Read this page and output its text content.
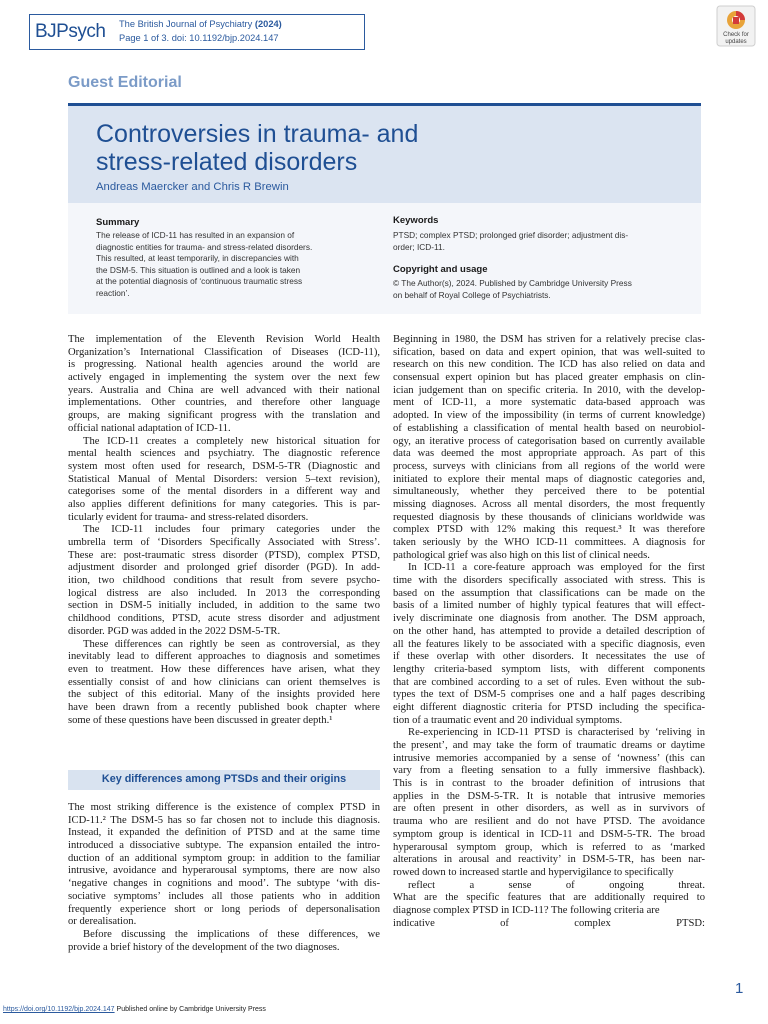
BJPsych The British Journal of Psychiatry (2024)
Page 1 of 3. doi: 10.1192/bjp.2024.147	Check for updates
Guest Editorial
Controversies in trauma- and
stress-related disorders
Andreas Maercker and Chris R Brewin
Summary
The release of ICD-11 has resulted in an expansion of
diagnostic entities for trauma- and stress-related disorders.
This resulted, at least temporarily, in discrepancies with
the DSM-5. This situation is outlined and a look is taken
at the potential diagnosis of ‘continuous traumatic stress
reaction’.
Keywords
PTSD; complex PTSD; prolonged grief disorder; adjustment dis-
order; ICD-11.
Copyright and usage
© The Author(s), 2024. Published by Cambridge University Press
on behalf of Royal College of Psychiatrists.
The implementation of the Eleventh Revision World Health
Organization’s International Classification of Diseases (ICD-11),
is progressing. National health agencies around the world are
actively engaged in implementing the system over the next few
years. Australia and China are well advanced with their national
implementations. Other countries, and therefore other language
groups, are making significant progress with the translation and
official national adaptation of ICD-11.
The ICD-11 creates a completely new historical situation for
mental health sciences and psychiatry. The diagnostic reference
system most often used for research, DSM-5-TR (Diagnostic and
Statistical Manual of Mental Disorders: version 5–text revision),
categorises some of the mental disorders in a different way and
also applies different definitions for many categories. This is par-
ticularly evident for trauma- and stress-related disorders.
The ICD-11 includes four primary categories under the
umbrella term of ‘Disorders Specifically Associated with Stress’.
These are: post-traumatic stress disorder (PTSD), complex PTSD,
adjustment disorder and prolonged grief disorder (PGD). In add-
ition, two childhood conditions that result from severe psycho-
logical distress are also included. In 2013 the corresponding
section in DSM-5 initially included, in addition to the same two
childhood conditions, PTSD, acute stress disorder and adjustment
disorder. PGD was added in the 2022 DSM-5-TR.
These differences can rightly be seen as controversial, as they
inevitably lead to different approaches to diagnosis and sometimes
even to treatment. How these differences have arisen, what they
essentially consist of and how clinicians can orient themselves is
the subject of this editorial. Many of the insights provided here
have been drawn from a recently published book chapter where
some of these questions have been discussed in greater depth.¹
Key differences among PTSDs and their origins
The most striking difference is the existence of complex PTSD in
ICD-11.² The DSM-5 has so far chosen not to include this diagnosis.
Instead, it expanded the definition of PTSD and at the same time
introduced a dissociative subtype. The expansion entailed the intro-
duction of an additional symptom group: in addition to the familiar
intrusive, avoidance and hyperarousal symptoms, there are now also
‘negative changes in cognitions and mood’. The subtype ‘with dis-
sociative symptoms’ includes all those patients who in addition
frequently experience short or long periods of depersonalisation
or derealisation.
Before discussing the implications of these differences, we
provide a brief history of the development of the two diagnoses.
Beginning in 1980, the DSM has striven for a relatively precise clas-
sification, based on data and expert opinion, that was well-suited to
research on this new condition. The ICD has also relied on data and
consensual expert opinion but has placed greater emphasis on clin-
ician judgement than on specific criteria. In 2010, with the develop-
ment of ICD-11, a more systematic data-based approach was
adopted. In view of the impossibility (in terms of current knowledge)
of establishing a classification of mental health based on neurobiol-
ogy, an iterative process of categorisation based on currently available
data was deemed the most appropriate approach. As part of this
process, surveys with clinicians from all regions of the world were
initiated to explore their mental maps of diagnostic categories and,
simultaneously, whether they perceived there to be potential
missing diagnoses. Across all mental disorders, the most frequently
requested diagnosis by these thousands of clinicians worldwide was
complex PTSD with 12% making this request.³ It was therefore
taken seriously by the WHO ICD-11 committees. A diagnosis for
pathological grief was also high on this list of clinical needs.
In ICD-11 a core-feature approach was employed for the first
time with the disorders specifically associated with stress. This is
based on the assumption that classifications can be made on the
basis of a limited number of highly typical features that will effect-
ively discriminate one diagnosis from another. The DSM approach,
on the other hand, has attempted to provide a detailed description of
all the features likely to be associated with a specific diagnosis, even
if these overlap with other disorders. It necessitates the use of
lengthy criteria-based symptom lists, with different components
that are combined according to a set of rules. Even without the sub-
types the text of DSM-5 comprises one and a half pages describing
eight different diagnostic criteria for PTSD including the specifica-
tion of a traumatic event and 20 individual symptoms.
Re-experiencing in ICD-11 PTSD is characterised by ‘reliving in
the present’, and may take the form of traumatic dreams or daytime
intrusive memories accompanied by a sense of ‘nowness’ (this can
vary from a fleeting sensation to a fully immersive flashback).
This is in contrast to the broader definition of intrusions that
applies in the DSM-5-TR. It is notable that intrusive memories
are often present in other disorders, as well as in survivors of
trauma who are resilient and do not have PTSD. The avoidance
symptom group is identical in ICD-11 and DSM-5-TR. The broad
hyperarousal symptom group, which is referred to as ‘marked
alterations in arousal and reactivity’ in DSM-5-TR, has been nar-
rowed down to increased startle and hypervigilance to specifically
reflect a sense of ongoing threat.
What are the specific features that are additionally required to
diagnose complex PTSD in ICD-11? The following criteria are
indicative of complex PTSD:
https://doi.org/10.1192/bjp.2024.147 Published online by Cambridge University Press
1
